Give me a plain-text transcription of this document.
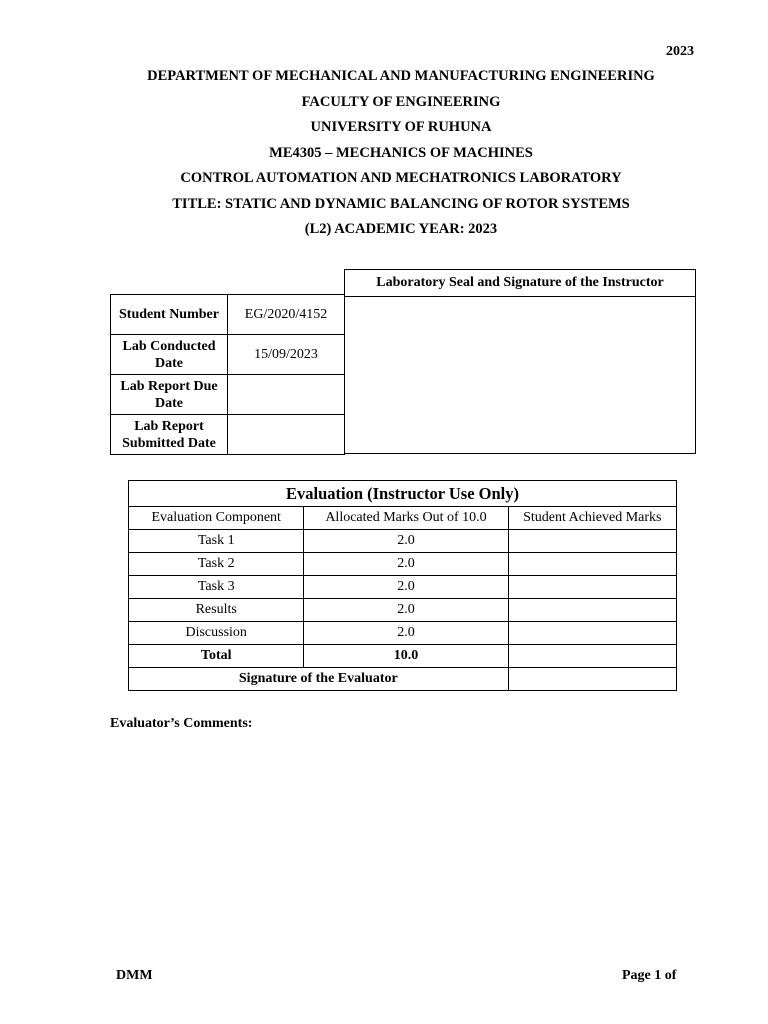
2023
DEPARTMENT OF MECHANICAL AND MANUFACTURING ENGINEERING
FACULTY OF ENGINEERING
UNIVERSITY OF RUHUNA
ME4305 – MECHANICS OF MACHINES
CONTROL AUTOMATION AND MECHATRONICS LABORATORY
TITLE: STATIC AND DYNAMIC BALANCING OF ROTOR SYSTEMS
(L2) ACADEMIC YEAR: 2023
Laboratory Seal and Signature of the Instructor
Student Number	EG/2020/4152
Lab Conducted Date	15/09/2023
Lab Report Due Date	
Lab Report Submitted Date	
Evaluation (Instructor Use Only)		
Evaluation Component	Allocated Marks Out of 10.0	Student Achieved Marks
Task 1	2.0	
Task 2	2.0	
Task 3	2.0	
Results	2.0	
Discussion	2.0	
Total	10.0	
Signature of the Evaluator		
Evaluator’s Comments:
DMM	Page 1 of
